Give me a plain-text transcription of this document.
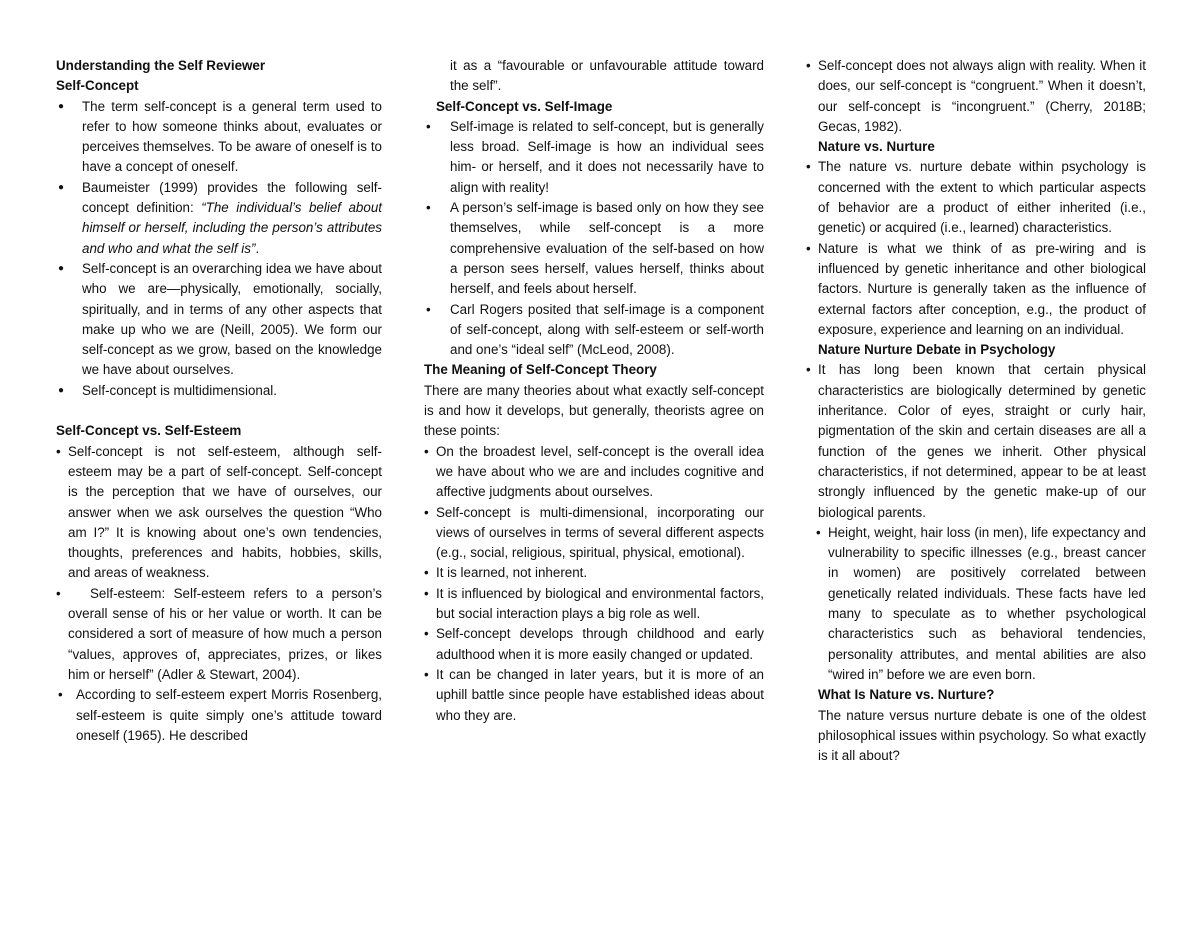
Understanding the Self Reviewer

Self-Concept

● The term self-concept is a general term used to refer to how someone thinks about, evaluates or perceives themselves. To be aware of oneself is to have a concept of oneself.

● Baumeister (1999) provides the following self-concept definition: “The individual’s belief about himself or herself, including the person’s attributes and who and what the self is”.

● Self-concept is an overarching idea we have about who we are—physically, emotionally, socially, spiritually, and in terms of any other aspects that make up who we are (Neill, 2005). We form our self-concept as we grow, based on the knowledge we have about ourselves.

● Self-concept is multidimensional.

Self-Concept vs. Self-Esteem

• Self-concept is not self-esteem, although self-esteem may be a part of self-concept. Self-concept is the perception that we have of ourselves, our answer when we ask ourselves the question “Who am I?” It is knowing about one’s own tendencies, thoughts, preferences and habits, hobbies, skills, and areas of weakness.

• Self-esteem: Self-esteem refers to a person’s overall sense of his or her value or worth. It can be considered a sort of measure of how much a person “values, approves of, appreciates, prizes, or likes him or herself” (Adler & Stewart, 2004).

• According to self-esteem expert Morris Rosenberg, self-esteem is quite simply one’s attitude toward oneself (1965). He described

it as a “favourable or unfavourable attitude toward the self”.

Self-Concept vs. Self-Image

• Self-image is related to self-concept, but is generally less broad. Self-image is how an individual sees him- or herself, and it does not necessarily have to align with reality!

• A person’s self-image is based only on how they see themselves, while self-concept is a more comprehensive evaluation of the self-based on how a person sees herself, values herself, thinks about herself, and feels about herself.

• Carl Rogers posited that self-image is a component of self-concept, along with self-esteem or self-worth and one’s “ideal self” (McLeod, 2008).

The Meaning of Self-Concept Theory

There are many theories about what exactly self-concept is and how it develops, but generally, theorists agree on these points:

• On the broadest level, self-concept is the overall idea we have about who we are and includes cognitive and affective judgments about ourselves.

• Self-concept is multi-dimensional, incorporating our views of ourselves in terms of several different aspects (e.g., social, religious, spiritual, physical, emotional).

• It is learned, not inherent.

• It is influenced by biological and environmental factors, but social interaction plays a big role as well.

• Self-concept develops through childhood and early adulthood when it is more easily changed or updated.

• It can be changed in later years, but it is more of an uphill battle since people have established ideas about who they are.

• Self-concept does not always align with reality. When it does, our self-concept is “congruent.” When it doesn’t, our self-concept is “incongruent.” (Cherry, 2018B; Gecas, 1982).

Nature vs. Nurture

• The nature vs. nurture debate within psychology is concerned with the extent to which particular aspects of behavior are a product of either inherited (i.e., genetic) or acquired (i.e., learned) characteristics.

• Nature is what we think of as pre-wiring and is influenced by genetic inheritance and other biological factors. Nurture is generally taken as the influence of external factors after conception, e.g., the product of exposure, experience and learning on an individual.

Nature Nurture Debate in Psychology

• It has long been known that certain physical characteristics are biologically determined by genetic inheritance. Color of eyes, straight or curly hair, pigmentation of the skin and certain diseases are all a function of the genes we inherit. Other physical characteristics, if not determined, appear to be at least strongly influenced by the genetic make-up of our biological parents.

• Height, weight, hair loss (in men), life expectancy and vulnerability to specific illnesses (e.g., breast cancer in women) are positively correlated between genetically related individuals. These facts have led many to speculate as to whether psychological characteristics such as behavioral tendencies, personality attributes, and mental abilities are also “wired in” before we are even born.

What Is Nature vs. Nurture?

The nature versus nurture debate is one of the oldest philosophical issues within psychology. So what exactly is it all about?
